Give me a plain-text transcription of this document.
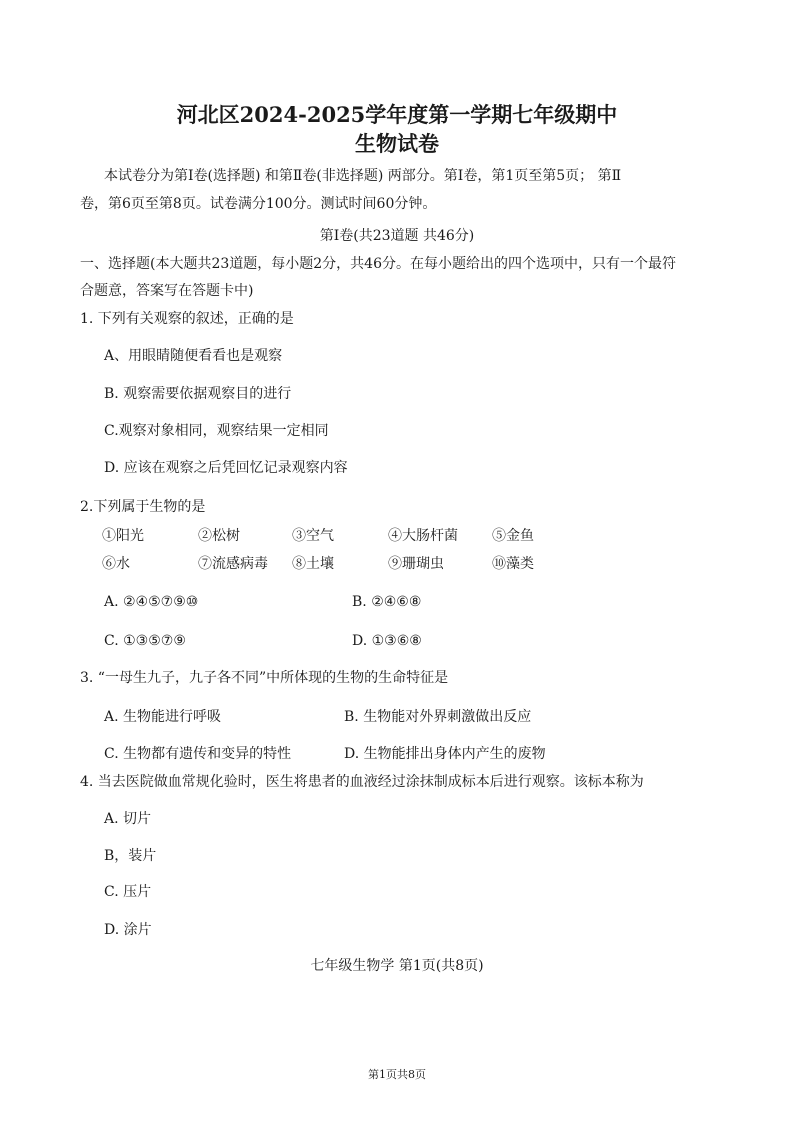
河北区2024-2025学年度第一学期七年级期中
生物试卷
本试卷分为第Ⅰ卷(选择题) 和第Ⅱ卷(非选择题) 两部分。第Ⅰ卷，第1页至第5页； 第Ⅱ
卷，第6页至第8页。试卷满分100分。测试时间60分钟。
第Ⅰ卷(共23道题 共46分)
一、选择题(本大题共23道题，每小题2分，共46分。在每小题给出的四个选项中，只有一个最符
合题意，答案写在答题卡中)
1. 下列有关观察的叙述，正确的是
A、用眼睛随便看看也是观察
B. 观察需要依据观察目的进行
C.观察对象相同，观察结果一定相同
D. 应该在观察之后凭回忆记录观察内容
2.下列属于生物的是
①阳光	②松树	③空气	④大肠杆菌 ⑤金鱼
⑥水	⑦流感病毒 ⑧土壤	⑨珊瑚虫	⑩藻类
A. ②④⑤⑦⑨⑩	B. ②④⑥⑧
C. ①③⑤⑦⑨	D. ①③⑥⑧
3. “一母生九子，九子各不同”中所体现的生物的生命特征是
A. 生物能进行呼吸	B. 生物能对外界刺激做出反应
C. 生物都有遗传和变异的特性	D. 生物能排出身体内产生的废物
4. 当去医院做血常规化验时，医生将患者的血液经过涂抹制成标本后进行观察。该标本称为
A. 切片
B，装片
C. 压片
D. 涂片
七年级生物学 第1页(共8页)
第1页共8页
